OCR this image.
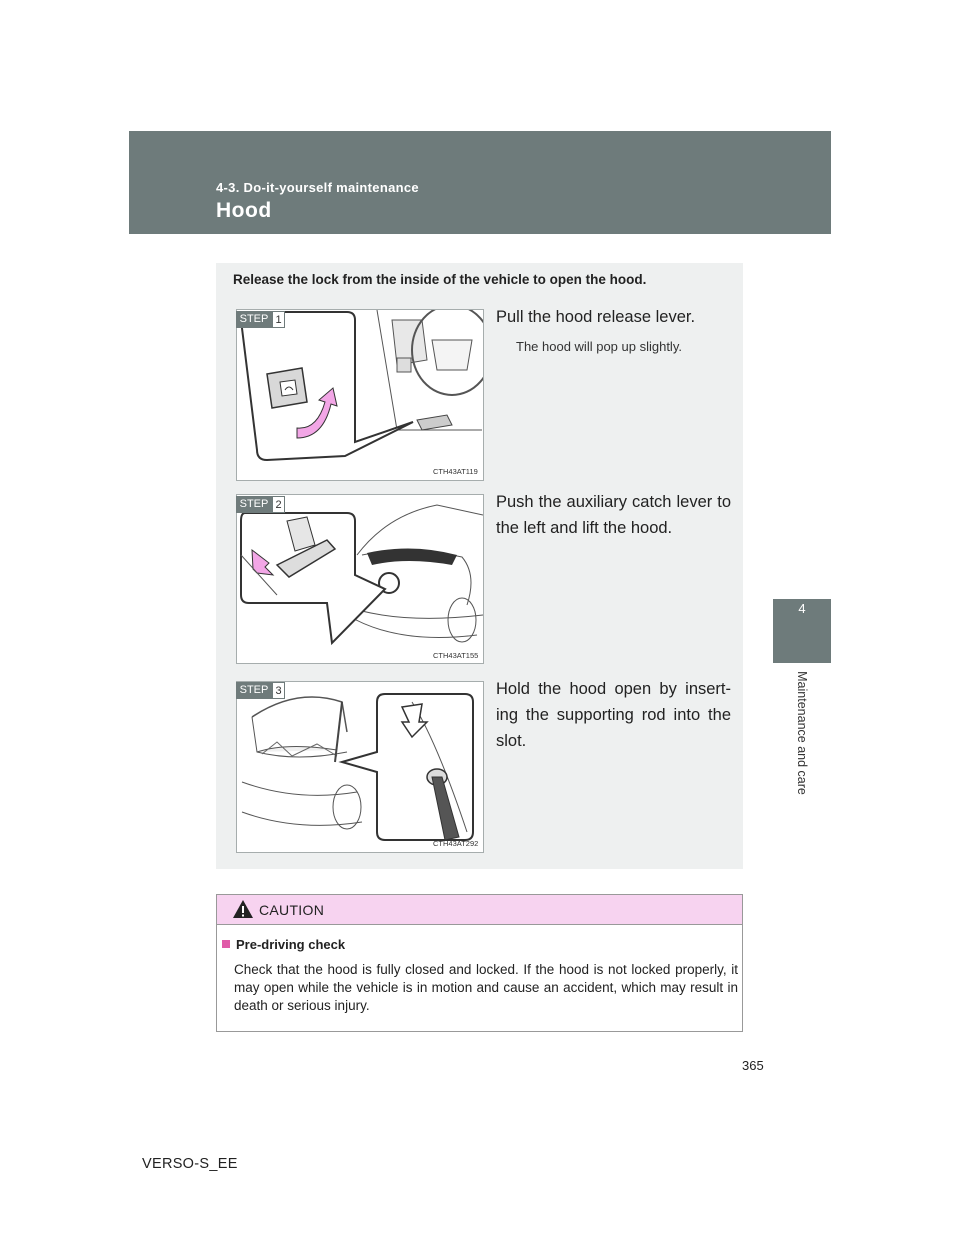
4-3. Do-it-yourself maintenance
Hood
4
Maintenance and care
Release the lock from the inside of the vehicle to open the hood.
STEP 1
CTH43AT119
Pull the hood release lever.
The hood will pop up slightly.
STEP 2
CTH43AT155
Push the auxiliary catch lever to the left and lift the hood.
STEP 3
CTH43AT292
Hold the hood open by insert-ing the supporting rod into the slot.
CAUTION
Pre-driving check
Check that the hood is fully closed and locked. If the hood is not locked properly, it may open while the vehicle is in motion and cause an accident, which may result in death or serious injury.
365
VERSO-S_EE
